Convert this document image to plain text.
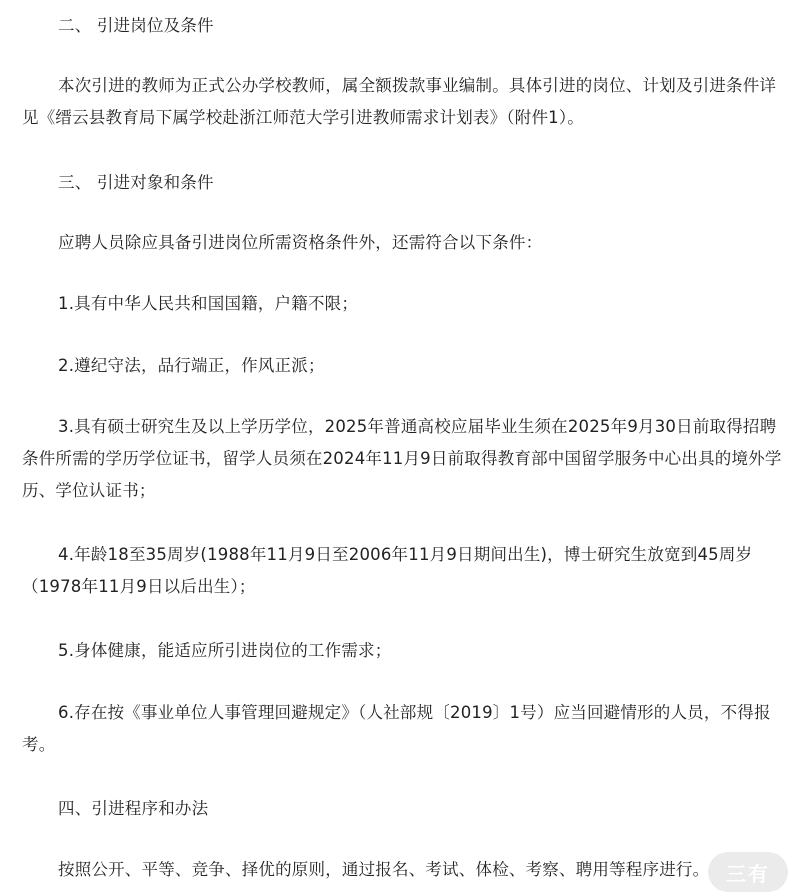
二、 引进岗位及条件

本次引进的教师为正式公办学校教师，属全额拨款事业编制。具体引进的岗位、计划及引进条件详见《缙云县教育局下属学校赴浙江师范大学引进教师需求计划表》（附件1）。

三、 引进对象和条件

应聘人员除应具备引进岗位所需资格条件外，还需符合以下条件：

1.具有中华人民共和国国籍，户籍不限；

2.遵纪守法，品行端正，作风正派；

3.具有硕士研究生及以上学历学位，2025年普通高校应届毕业生须在2025年9月30日前取得招聘条件所需的学历学位证书，留学人员须在2024年11月9日前取得教育部中国留学服务中心出具的境外学历、学位认证书；

4.年龄18至35周岁(1988年11月9日至2006年11月9日期间出生)，博士研究生放宽到45周岁（1978年11月9日以后出生）；

5.身体健康，能适应所引进岗位的工作需求；

6.存在按《事业单位人事管理回避规定》（人社部规〔2019〕1号）应当回避情形的人员，不得报考。

四、引进程序和办法

按照公开、平等、竞争、择优的原则，通过报名、考试、体检、考察、聘用等程序进行。 三有
